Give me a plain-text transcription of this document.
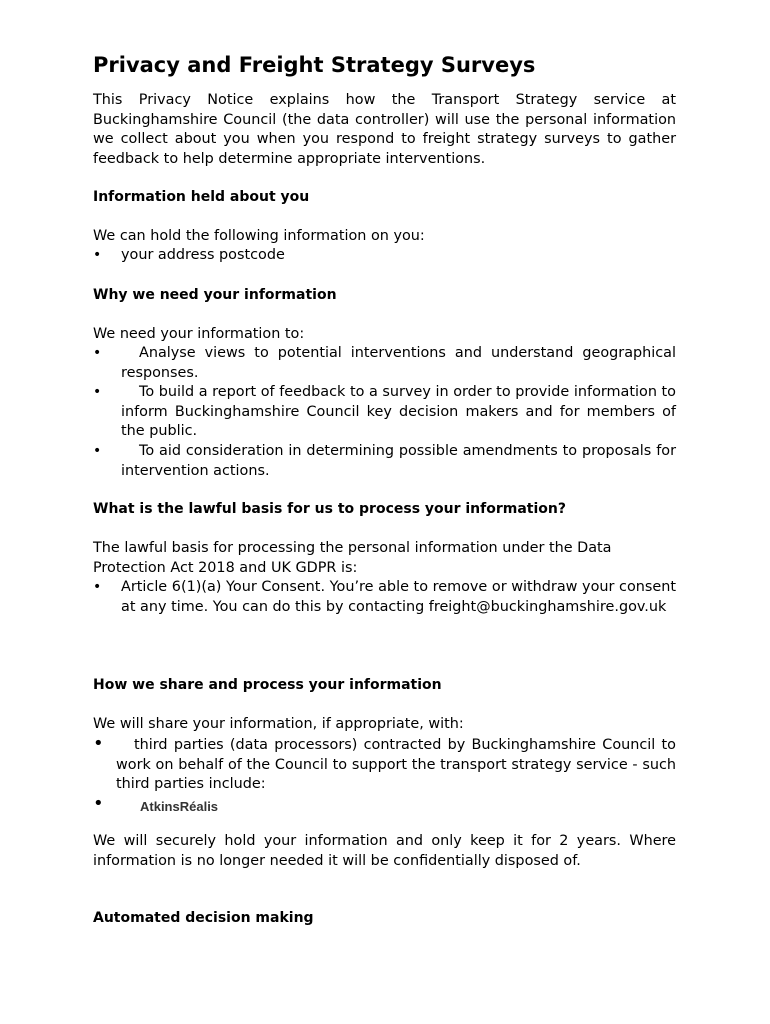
Privacy and Freight Strategy Surveys
This Privacy Notice explains how the Transport Strategy service at Buckinghamshire Council (the data controller) will use the personal information we collect about you when you respond to freight strategy surveys to gather feedback to help determine appropriate interventions.
Information held about you
We can hold the following information on you:
• your address postcode
Why we need your information
We need your information to:
•	Analyse views to potential interventions and understand geographical responses.
•	To build a report of feedback to a survey in order to provide information to inform Buckinghamshire Council key decision makers and for members of the public.
•	To aid consideration in determining possible amendments to proposals for intervention actions.
What is the lawful basis for us to process your information?
The lawful basis for processing the personal information under the Data Protection Act 2018 and UK GDPR is:
• Article 6(1)(a) Your Consent. You’re able to remove or withdraw your consent at any time. You can do this by contacting freight@buckinghamshire.gov.uk
How we share and process your information
We will share your information, if appropriate, with:
•	third parties (data processors) contracted by Buckinghamshire Council to work on behalf of the Council to support the transport strategy service - such third parties include:
•	AtkinsRéalis
We will securely hold your information and only keep it for 2 years. Where information is no longer needed it will be confidentially disposed of.
Automated decision making
